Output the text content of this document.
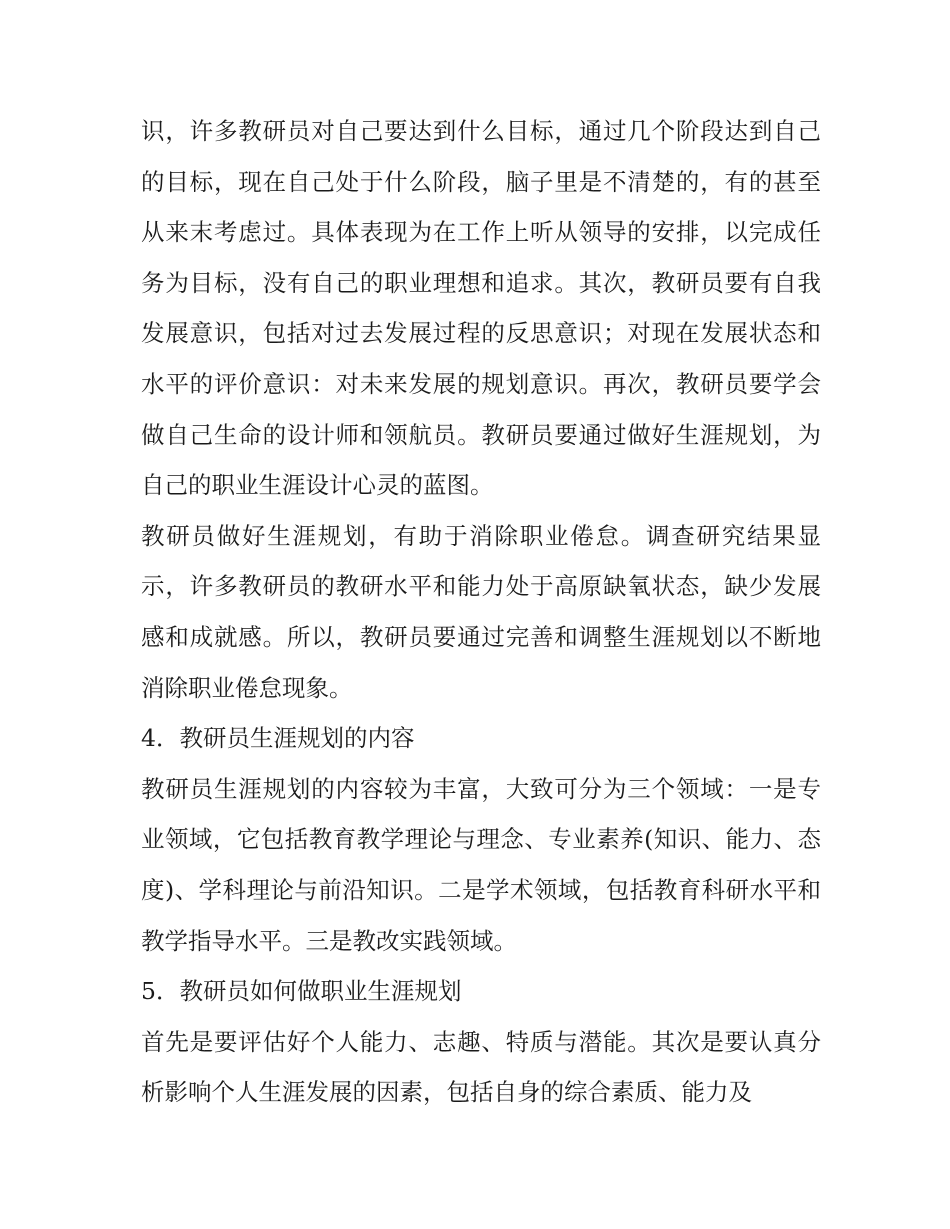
识，许多教研员对自己要达到什么目标，通过几个阶段达到自己的目标，现在自己处于什么阶段，脑子里是不清楚的，有的甚至从来末考虑过。具体表现为在工作上听从领导的安排，以完成任务为目标，没有自己的职业理想和追求。其次，教研员要有自我发展意识，包括对过去发展过程的反思意识；对现在发展状态和水平的评价意识：对未来发展的规划意识。再次，教研员要学会做自己生命的设计师和领航员。教研员要通过做好生涯规划，为自己的职业生涯设计心灵的蓝图。

教研员做好生涯规划，有助于消除职业倦怠。调查研究结果显示，许多教研员的教研水平和能力处于高原缺氧状态，缺少发展感和成就感。所以，教研员要通过完善和调整生涯规划以不断地消除职业倦怠现象。

4．教研员生涯规划的内容

教研员生涯规划的内容较为丰富，大致可分为三个领域：一是专业领域，它包括教育教学理论与理念、专业素养(知识、能力、态度)、学科理论与前沿知识。二是学术领域，包括教育科研水平和教学指导水平。三是教改实践领域。

5．教研员如何做职业生涯规划

首先是要评估好个人能力、志趣、特质与潜能。其次是要认真分析影响个人生涯发展的因素，包括自身的综合素质、能力及
